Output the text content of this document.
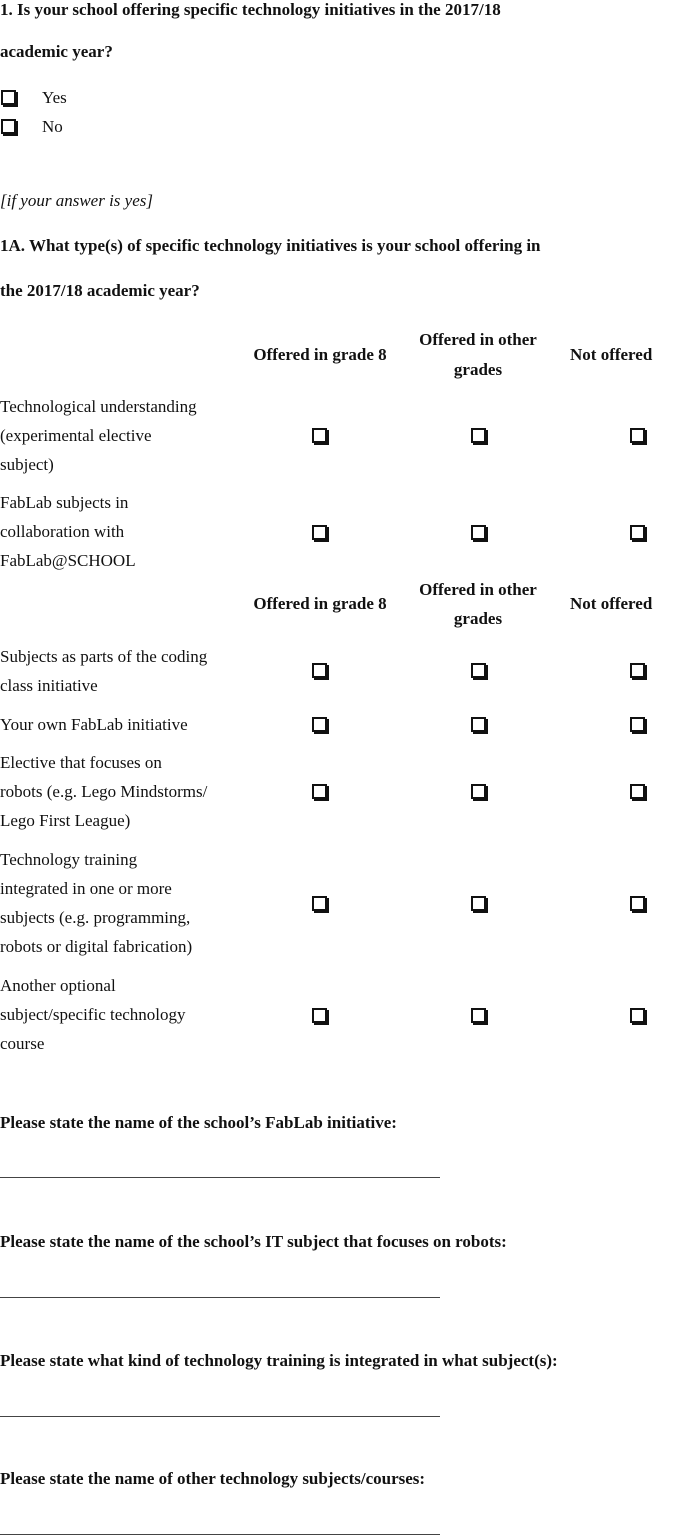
1. Is your school offering specific technology initiatives in the 2017/18
academic year?
Yes
No
[if your answer is yes]
1A. What type(s) of specific technology initiatives is your school offering in
the 2017/18 academic year?
Offered in grade 8
Offered in other
grades
Not offered
Technological understanding
(experimental elective
subject)
FabLab subjects in
collaboration with
FabLab@SCHOOL
Offered in grade 8
Offered in other
grades
Not offered
Subjects as parts of the coding
class initiative
Your own FabLab initiative
Elective that focuses on
robots (e.g. Lego Mindstorms/
Lego First League)
Technology training
integrated in one or more
subjects (e.g. programming,
robots or digital fabrication)
Another optional
subject/specific technology
course
Please state the name of the school’s FabLab initiative:
Please state the name of the school’s IT subject that focuses on robots:
Please state what kind of technology training is integrated in what subject(s):
Please state the name of other technology subjects/courses:
